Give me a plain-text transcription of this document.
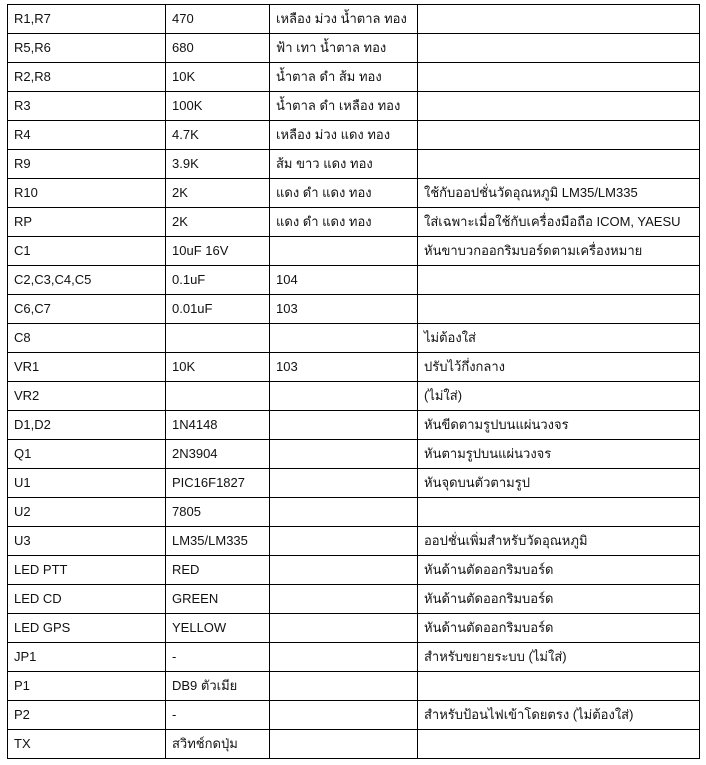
R1,R7	470	เหลือง ม่วง น้ำตาล ทอง	
R5,R6	680	ฟ้า เทา น้ำตาล ทอง	
R2,R8	10K	น้ำตาล ดำ ส้ม ทอง	
R3	100K	น้ำตาล ดำ เหลือง ทอง	
R4	4.7K	เหลือง ม่วง แดง ทอง	
R9	3.9K	ส้ม ขาว แดง ทอง	
R10	2K	แดง ดำ แดง ทอง	ใช้กับออปชั่นวัดอุณหภูมิ LM35/LM335
RP	2K	แดง ดำ แดง ทอง	ใส่เฉพาะเมื่อใช้กับเครื่องมือถือ ICOM, YAESU
C1	10uF 16V		หันขาบวกออกริมบอร์ดตามเครื่องหมาย
C2,C3,C4,C5	0.1uF	104	
C6,C7	0.01uF	103	
C8			ไม่ต้องใส่
VR1	10K	103	ปรับไว้กึ่งกลาง
VR2			(ไม่ใส่)
D1,D2	1N4148		หันขีดตามรูปบนแผ่นวงจร
Q1	2N3904		หันตามรูปบนแผ่นวงจร
U1	PIC16F1827		หันจุดบนตัวตามรูป
U2	7805		
U3	LM35/LM335		ออปชั่นเพิ่มสำหรับวัดอุณหภูมิ
LED PTT	RED		หันด้านตัดออกริมบอร์ด
LED CD	GREEN		หันด้านตัดออกริมบอร์ด
LED GPS	YELLOW		หันด้านตัดออกริมบอร์ด
JP1	-		สำหรับขยายระบบ (ไม่ใส่)
P1	DB9 ตัวเมีย		
P2	-		สำหรับป้อนไฟเข้าโดยตรง (ไม่ต้องใส่)
TX	สวิทช์กดปุ่ม		
